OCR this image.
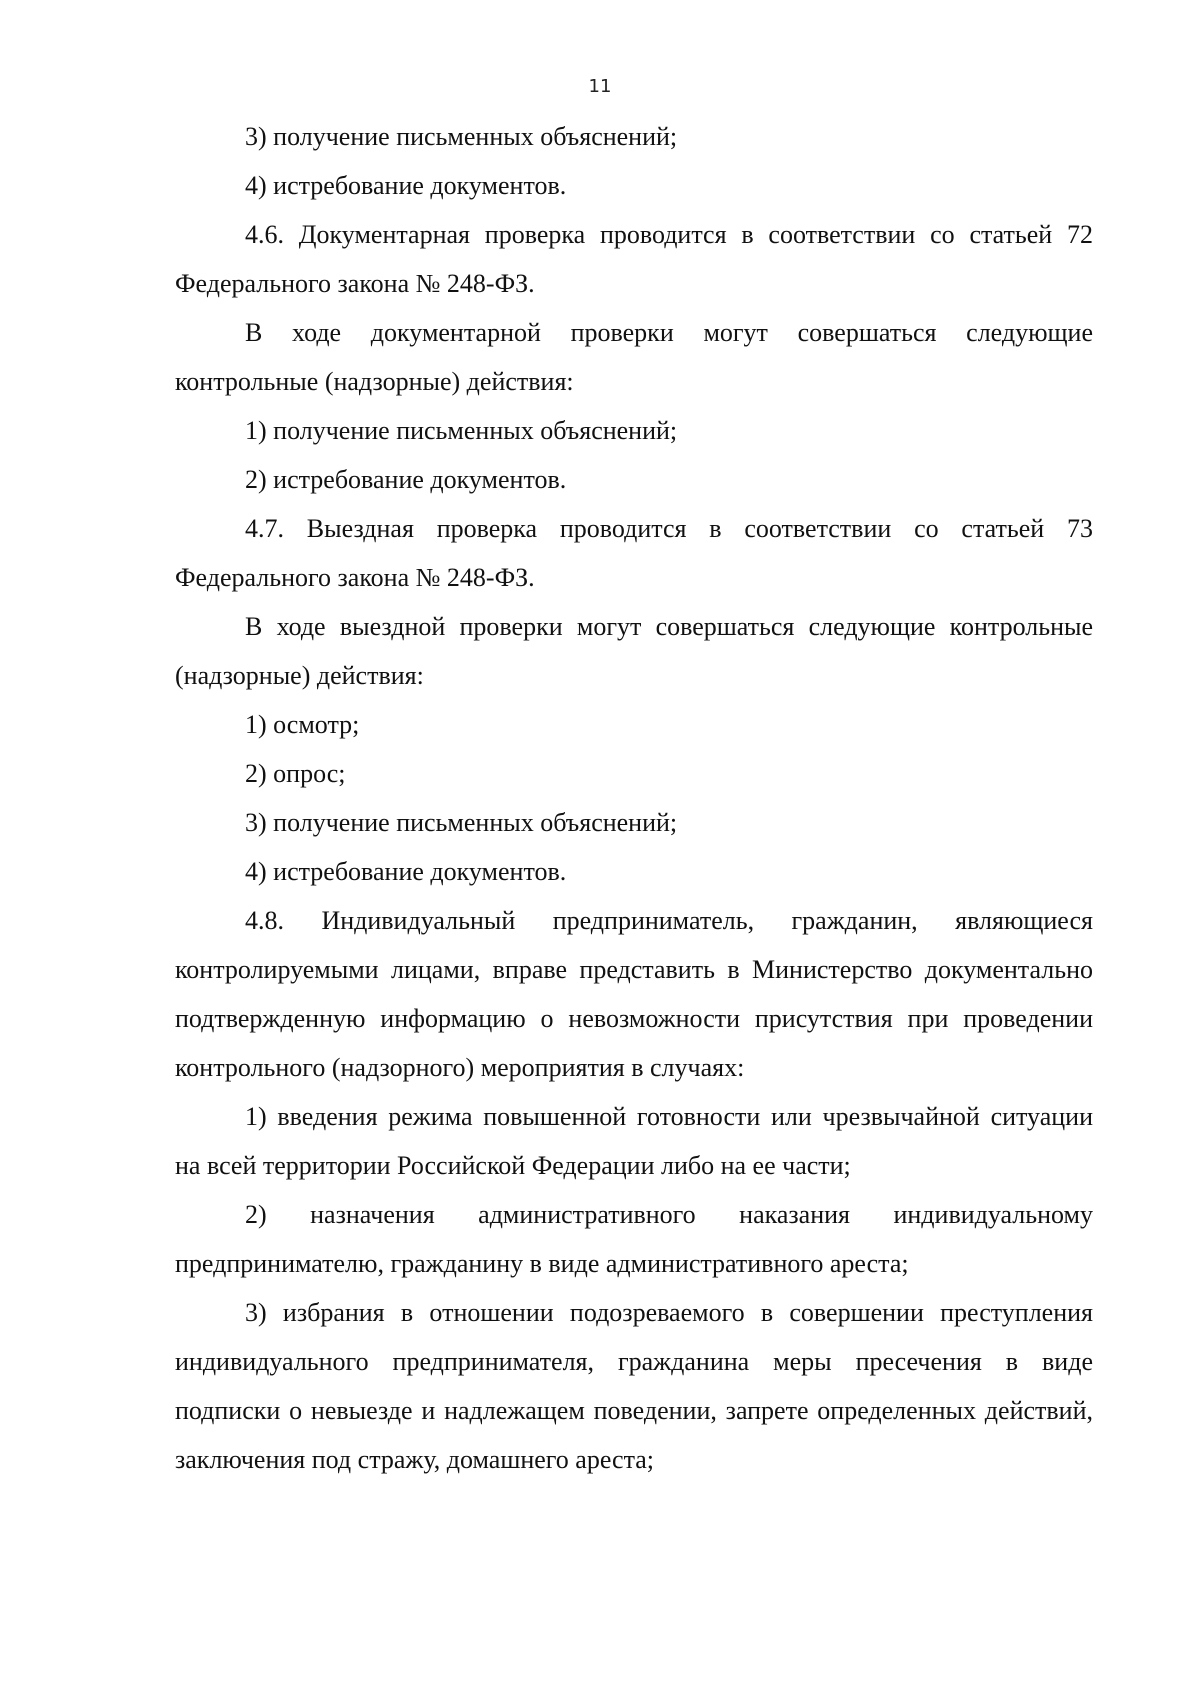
11

3) получение письменных объяснений;

4) истребование документов.

4.6. Документарная проверка проводится в соответствии со статьей 72 Федерального закона № 248-ФЗ.

В ходе документарной проверки могут совершаться следующие контрольные (надзорные) действия:

1) получение письменных объяснений;

2) истребование документов.

4.7. Выездная проверка проводится в соответствии со статьей 73 Федерального закона № 248-ФЗ.

В ходе выездной проверки могут совершаться следующие контрольные (надзорные) действия:

1) осмотр;

2) опрос;

3) получение письменных объяснений;

4) истребование документов.

4.8. Индивидуальный предприниматель, гражданин, являющиеся контролируемыми лицами, вправе представить в Министерство документально подтвержденную информацию о невозможности присутствия при проведении контрольного (надзорного) мероприятия в случаях:

1) введения режима повышенной готовности или чрезвычайной ситуации на всей территории Российской Федерации либо на ее части;

2) назначения административного наказания индивидуальному предпринимателю, гражданину в виде административного ареста;

3) избрания в отношении подозреваемого в совершении преступления индивидуального предпринимателя, гражданина меры пресечения в виде подписки о невыезде и надлежащем поведении, запрете определенных действий, заключения под стражу, домашнего ареста;
